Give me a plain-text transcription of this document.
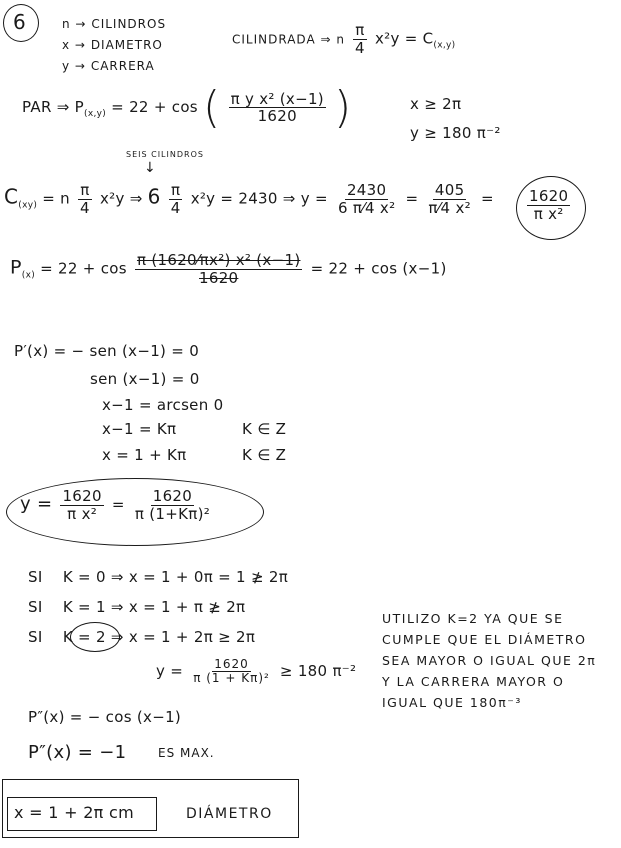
6	n → CILINDROS
x → DIAMETRO
y → CARRERA
CILINDRADA ⇒ n $\frac{\pi}{4} x^2y = C_{(x,y)}$
PAR ⇒ $P_{(x,y)} = 22 + \cos$ ( $\frac{\text{π y x² (x−1)}}{1620}$ )	x ≥ 2π
y ≥ 180 π⁻²
SEIS CILINDROS
↓
$C_{(xy)} = n \frac{\pi}{4} x^2y$ ⇒ $6 \frac{\pi}{4} x^2y = 2430$ ⇒ $y = \frac{2430}{\text{6 π⁄4 x²}} = \frac{405}{\text{π⁄4 x²}} = \frac{1620}{\text{π x²}}$
$P_{(x)} = 22 + \cos \frac{\text{π (1620⁄πx²) x² (x−1)}}{1620} = 22 + \cos (x-1)$
P′(x) = − sen (x−1) = 0
sen (x−1) = 0
x−1 = arcsen 0
x−1 = Kπ	K ∈ Z
x = 1 + Kπ	K ∈ Z
$y = \frac{1620}{\text{π x²}} = \frac{1620}{\text{π (1+Kπ)²}}$
SI K = 0 ⇒ x = 1 + 0π = 1 ≱ 2π
SI K = 1 ⇒ x = 1 + π ≱ 2π
SI K = 2 ⇒ x = 1 + 2π ≥ 2π
$y = \frac{1620}{\text{π (1 + Kπ)²}} \ge 180$ π⁻²
P″(x) = − cos (x−1)
P″(x) = −1	ES MAX.
UTILIZO K=2 YA QUE SE
CUMPLE QUE EL DIÁMETRO
SEA MAYOR O IGUAL QUE 2π
Y LA CARRERA MAYOR O
IGUAL QUE 180π⁻³
x = 1 + 2π cm	DIÁMETRO
